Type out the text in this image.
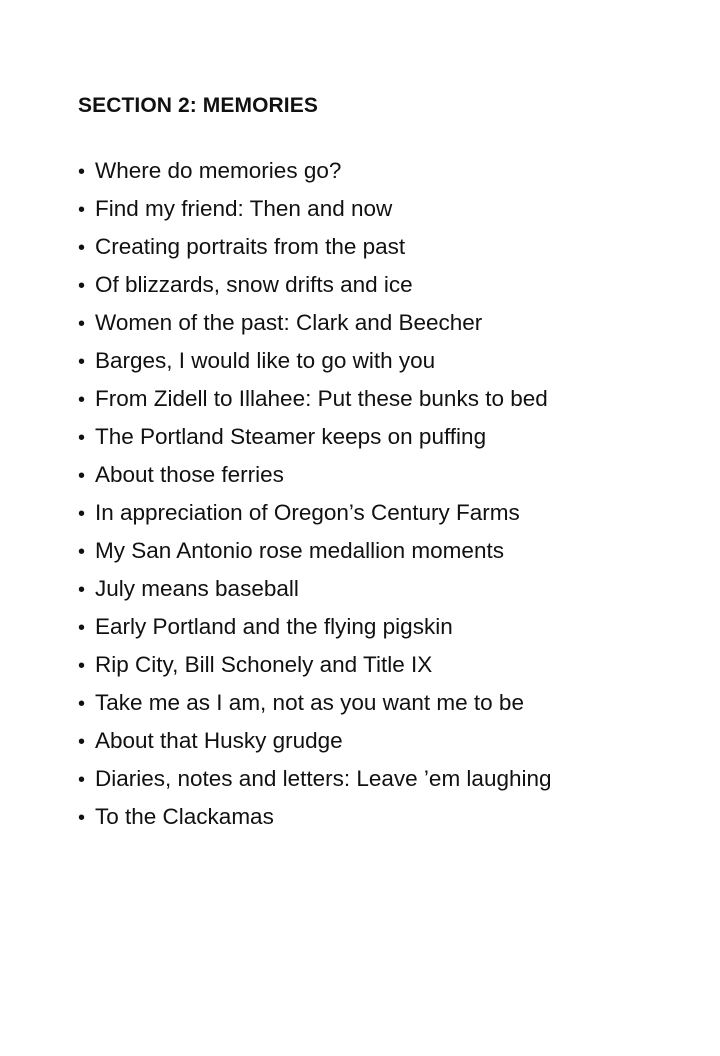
SECTION 2: MEMORIES
• Where do memories go?
• Find my friend: Then and now
• Creating portraits from the past
• Of blizzards, snow drifts and ice
• Women of the past: Clark and Beecher
• Barges, I would like to go with you
• From Zidell to Illahee: Put these bunks to bed
• The Portland Steamer keeps on puffing
• About those ferries
• In appreciation of Oregon’s Century Farms
• My San Antonio rose medallion moments
• July means baseball
• Early Portland and the flying pigskin
• Rip City, Bill Schonely and Title IX
• Take me as I am, not as you want me to be
• About that Husky grudge
• Diaries, notes and letters: Leave ’em laughing
• To the Clackamas
